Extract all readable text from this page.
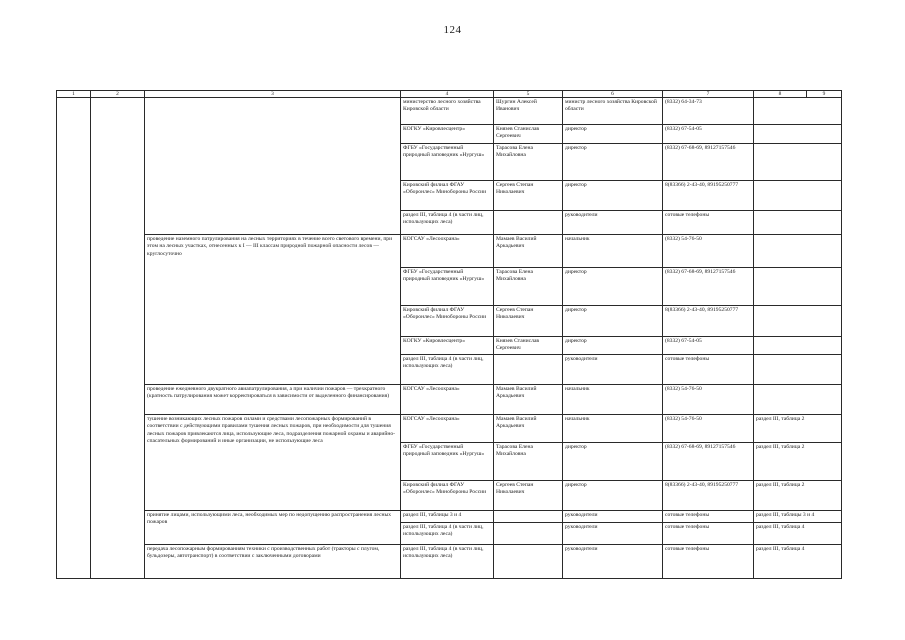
124
1	2	3	4	5	6	7	8	9
			министерство лесного хозяйства Кировской области	Шургин Алексей Иванович	министр лесного хозяйства Кировской области	(8332) 64-34-73		
			КОГКУ «Кировлесцентр»	Князев Станислав Сергеевич	директор	(8332) 67-54-05		
			ФГБУ «Государственный природный заповедник «Нургуш»	Тарасова Елена Михайловна	директор	(8332) 67-68-69, 89127157546		
			Кировский филиал ФГАУ «Оборонлес» Минобороны России	Сергеев Степан Николаевич	директор	8(83366) 2-43-40, 89195250777		
			раздел III, таблица 4 (в части лиц, использующих леса)		руководители	сотовые телефоны		
		проведение наземного патрулирования на лесных территориях в течение всего светового времени, при этом на лесных участках, отнесенных к I — III классам природной пожарной опасности лесов — круглосуточно	КОГСАУ «Лесоохрана»	Мамаев Василий Аркадьевич	начальник	(8332) 54-76-50		
			ФГБУ «Государственный природный заповедник «Нургуш»	Тарасова Елена Михайловна	директор	(8332) 67-68-69, 89127157546		
			Кировский филиал ФГАУ «Оборонлес» Минобороны России	Сергеев Степан Николаевич	директор	8(83366) 2-43-40, 89195250777		
			КОГКУ «Кировлесцентр»	Князев Станислав Сергеевич	директор	(8332) 67-54-05		
			раздел III, таблица 4 (в части лиц, использующих леса)		руководители	сотовые телефоны		
		проведение ежедневного двукратного авиапатрулирования, а при наличии пожаров — трехкратного (кратность патрулирования может корректироваться в зависимости от выделенного финансирования)	КОГСАУ «Лесоохрана»	Мамаев Василий Аркадьевич	начальник	(8332) 54-76-50		
		тушение возникающих лесных пожаров силами и средствами лесопожарных формирований в соответствии с действующими правилами тушения лесных пожаров, при необходимости для тушения лесных пожаров привлекаются лица, использующие леса, подразделения пожарной охраны и аварийно-спасательных формирований и иные организации, не использующие леса	КОГСАУ «Лесоохрана»	Мамаев Василий Аркадьевич	начальник	(8332) 54-76-50	раздел III, таблица 2	
			ФГБУ «Государственный природный заповедник «Нургуш»	Тарасова Елена Михайловна	директор	(8332) 67-68-69, 89127157546	раздел III, таблица 2	
			Кировский филиал ФГАУ «Оборонлес» Минобороны России	Сергеев Степан Николаевич	директор	8(83366) 2-43-40, 89195250777	раздел III, таблица 2	
		принятие лицами, использующими леса, необходимых мер по недопущению распространения лесных пожаров	раздел III, таблицы 3 и 4		руководители	сотовые телефоны	раздел III, таблицы 3 и 4	
			раздел III, таблица 4 (в части лиц, использующих леса)		руководители	сотовые телефоны	раздел III, таблица 4	
		передача лесопожарным формированиям техники с производственных работ (тракторы с плугом, бульдозеры, автотранспорт) в соответствии с заключенными договорами	раздел III, таблица 4 (в части лиц, использующих леса)		руководители	сотовые телефоны	раздел III, таблица 4	
